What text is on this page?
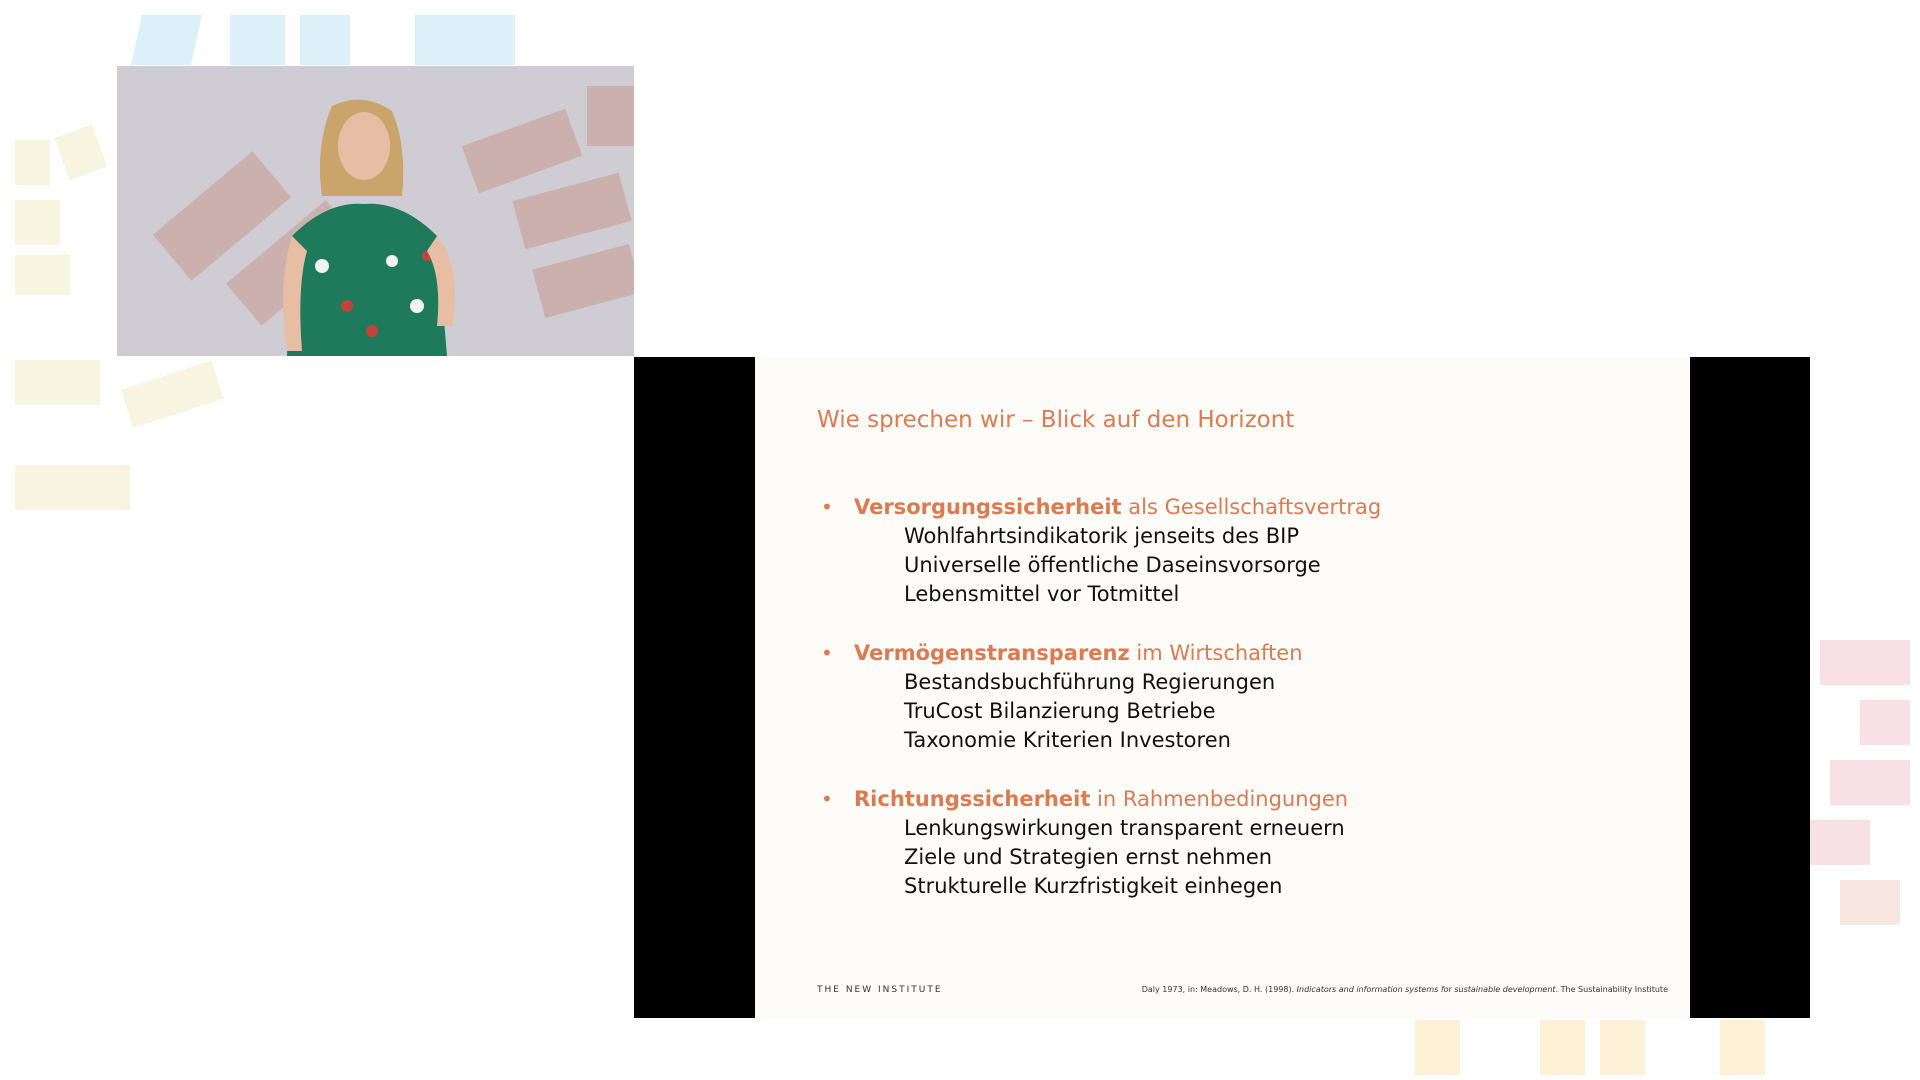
Wie sprechen wir – Blick auf den Horizont
• Versorgungssicherheit als Gesellschaftsvertrag
Wohlfahrtsindikatorik jenseits des BIP
Universelle öffentliche Daseinsvorsorge
Lebensmittel vor Totmittel
• Vermögenstransparenz im Wirtschaften
Bestandsbuchführung Regierungen
TruCost Bilanzierung Betriebe
Taxonomie Kriterien Investoren
• Richtungssicherheit in Rahmenbedingungen
Lenkungswirkungen transparent erneuern
Ziele und Strategien ernst nehmen
Strukturelle Kurzfristigkeit einhegen
THE NEW INSTITUTE	Daly 1973, in: Meadows, D. H. (1998). Indicators and information systems for sustainable development. The Sustainability Institute
